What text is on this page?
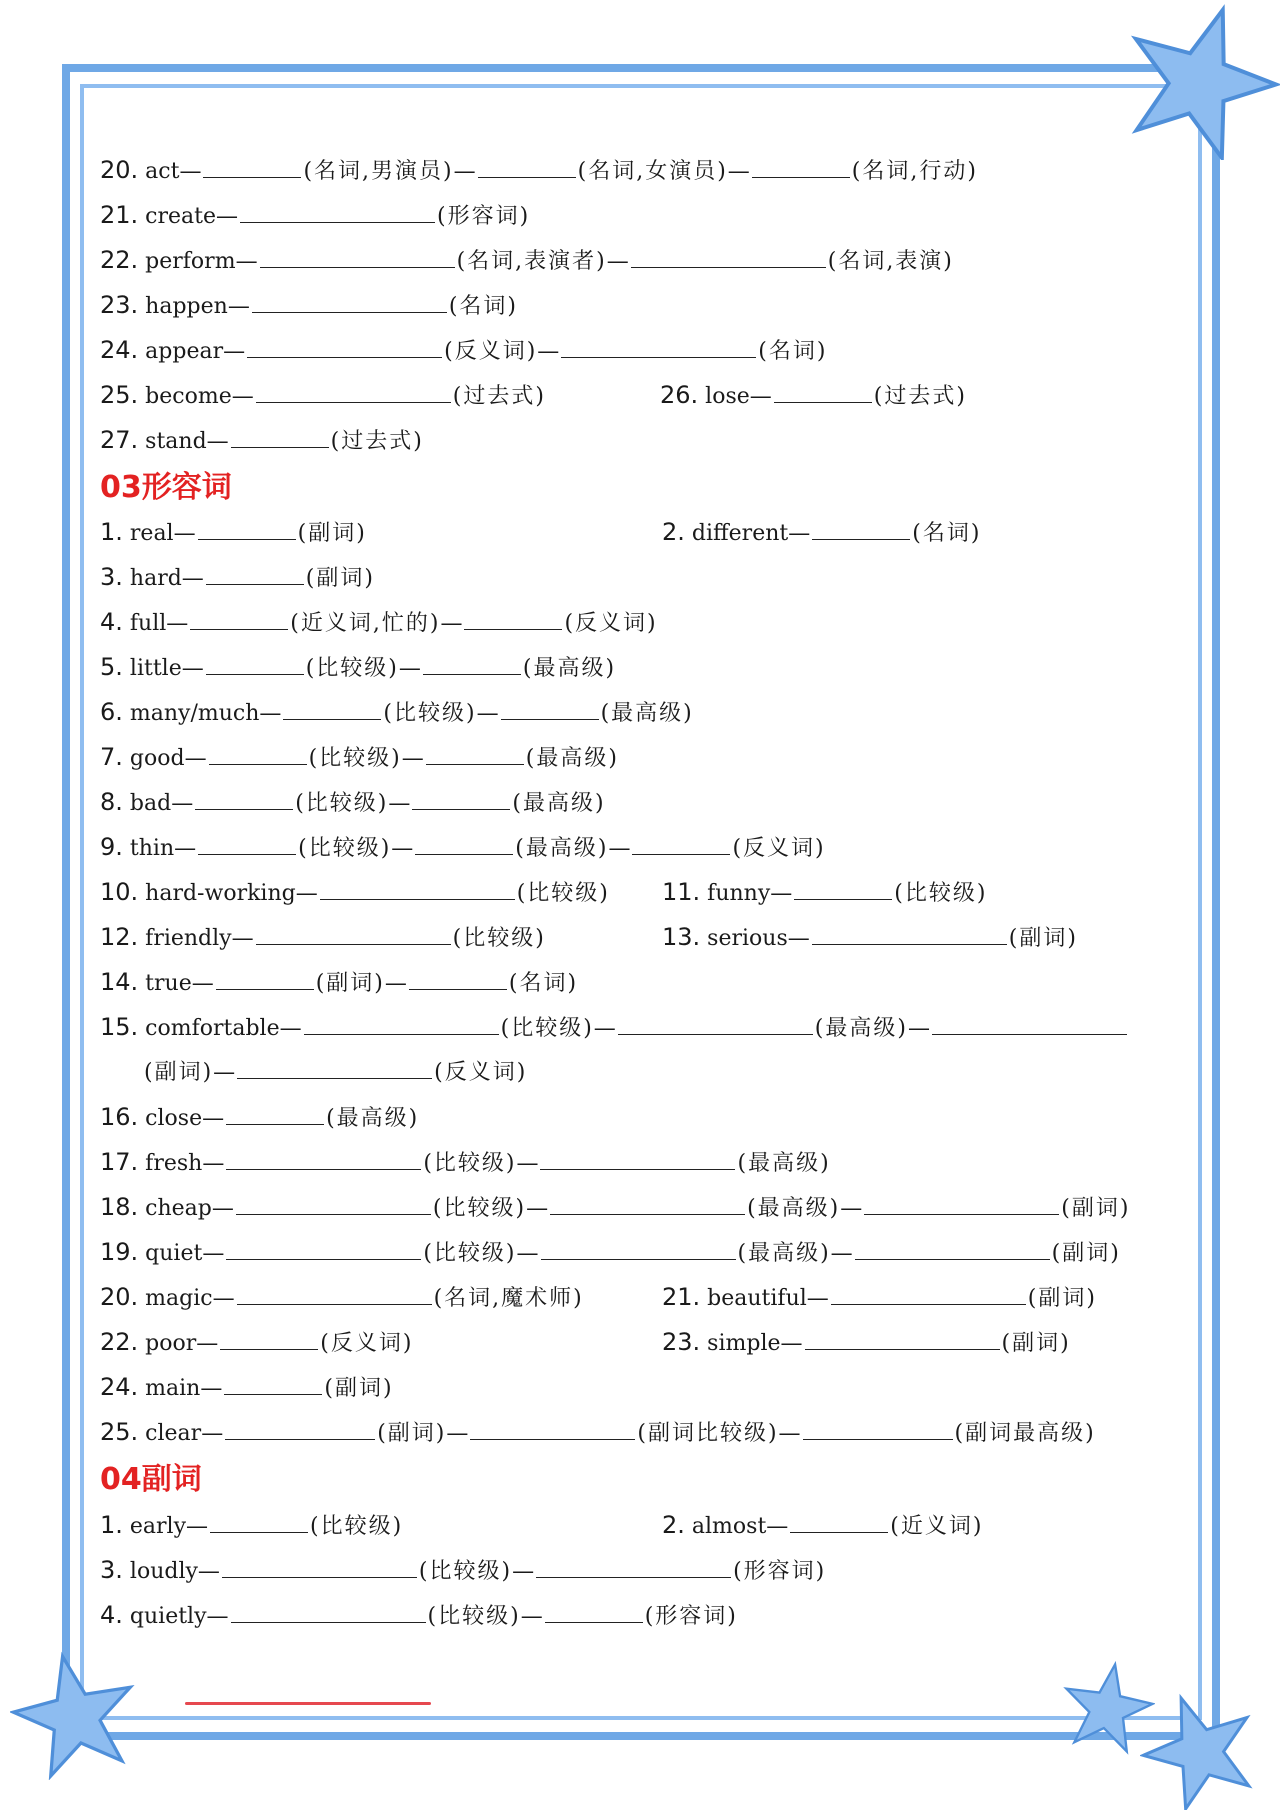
20. act—	(名词,男演员)—	(名词,女演员)—	(名词,行动)
21. create—	(形容词)
22. perform—	(名词,表演者)—	(名词,表演)
23. happen—	(名词)
24. appear—	(反义词)—	(名词)
25. become—	(过去式)	26. lose—	(过去式)
27. stand—	(过去式)
03形容词
1. real—	(副词)	2. different—	(名词)
3. hard—	(副词)
4. full—	(近义词,忙的)—	(反义词)
5. little—	(比较级)—	(最高级)
6. many/much—	(比较级)—	(最高级)
7. good—	(比较级)—	(最高级)
8. bad—	(比较级)—	(最高级)
9. thin—	(比较级)—	(最高级)—	(反义词)
10. hard-working—	(比较级) 11. funny—	(比较级)
12. friendly—	(比较级)	13. serious—	(副词)
14. true—	(副词)—	(名词)
15. comfortable—	(比较级)—	(最高级)—
(副词)—	(反义词)
16. close—	(最高级)
17. fresh—	(比较级)—	(最高级)
18. cheap—	(比较级)—	(最高级)—	(副词)
19. quiet—	(比较级)—	(最高级)—	(副词)
20. magic—	(名词,魔术师)	21. beautiful—	(副词)
22. poor—	(反义词)	23. simple—	(副词)
24. main—	(副词)
25. clear—	(副词)—	(副词比较级)—	(副词最高级)
04副词
1. early—	(比较级)	2. almost—	(近义词)
3. loudly—	(比较级)—	(形容词)
4. quietly—	(比较级)—	(形容词)
